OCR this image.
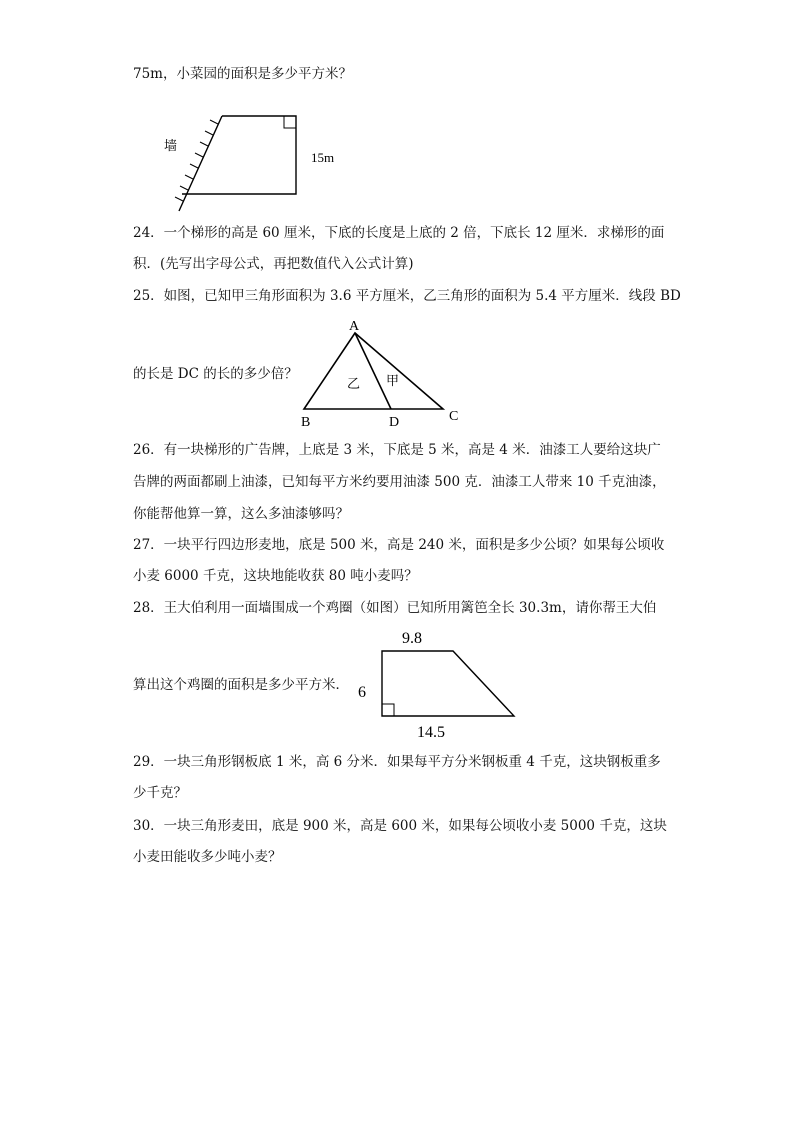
75m，小菜园的面积是多少平方米？
24．一个梯形的高是 60 厘米，下底的长度是上底的 2 倍，下底长 12 厘米．求梯形的面
积．(先写出字母公式，再把数值代入公式计算)
25．如图，已知甲三角形面积为 3.6 平方厘米，乙三角形的面积为 5.4 平方厘米．线段 BD
的长是 DC 的长的多少倍？
26．有一块梯形的广告牌，上底是 3 米，下底是 5 米，高是 4 米．油漆工人要给这块广
告牌的两面都刷上油漆，已知每平方米约要用油漆 500 克．油漆工人带来 10 千克油漆，
你能帮他算一算，这么多油漆够吗？
27．一块平行四边形麦地，底是 500 米，高是 240 米，面积是多少公顷？如果每公顷收
小麦 6000 千克，这块地能收获 80 吨小麦吗？
28．王大伯利用一面墙围成一个鸡圈（如图）已知所用篱笆全长 30.3m，请你帮王大伯
算出这个鸡圈的面积是多少平方米．
29．一块三角形钢板底 1 米，高 6 分米．如果每平方分米钢板重 4 千克，这块钢板重多
少千克？
30．一块三角形麦田，底是 900 米，高是 600 米，如果每公顷收小麦 5000 千克，这块
小麦田能收多少吨小麦？
墙
15m
A
B	C
D
乙 甲
9.8
6
14.5
